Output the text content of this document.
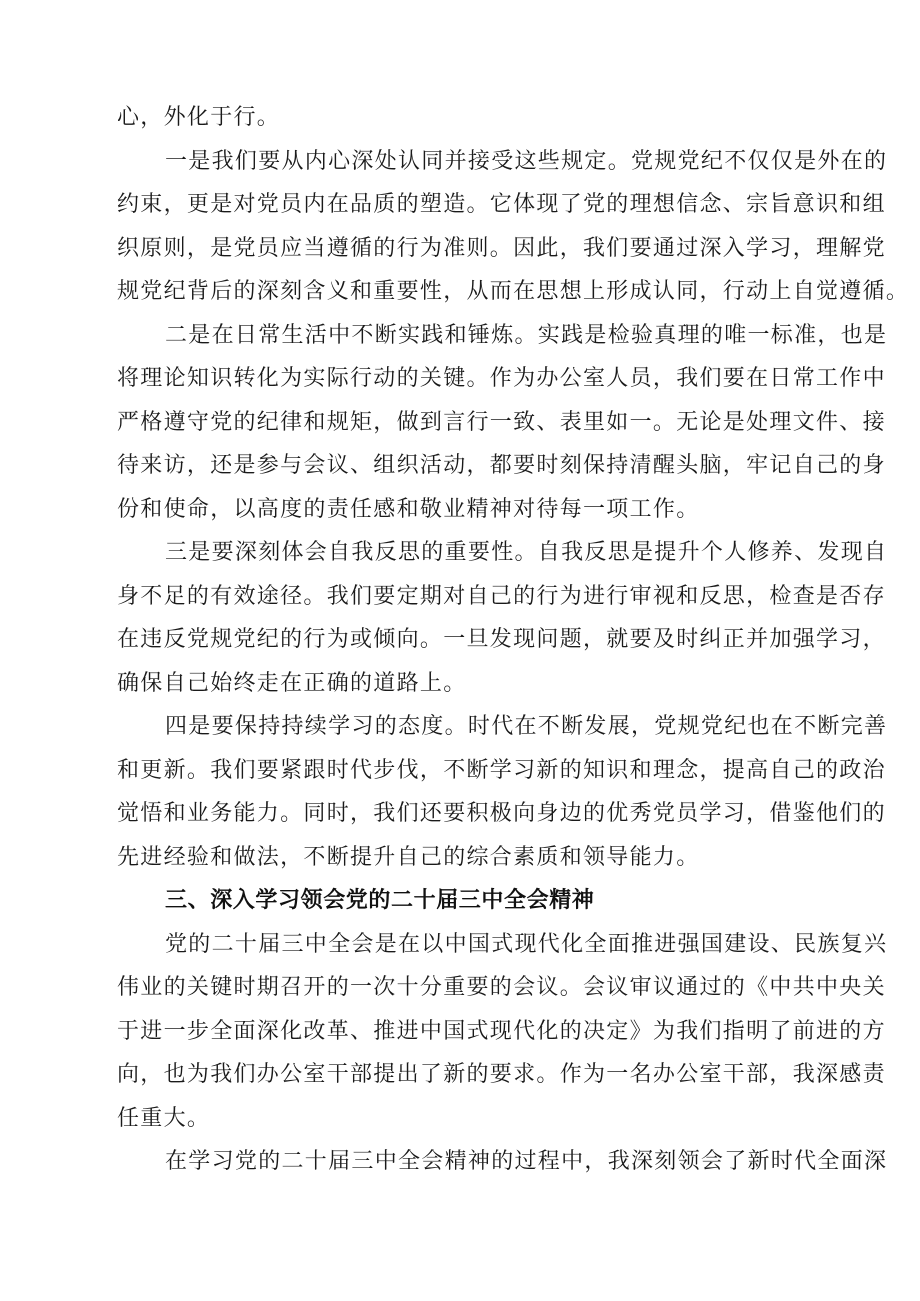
心，外化于行。
一是我们要从内心深处认同并接受这些规定。党规党纪不仅仅是外在的
约束，更是对党员内在品质的塑造。它体现了党的理想信念、宗旨意识和组
织原则，是党员应当遵循的行为准则。因此，我们要通过深入学习，理解党
规党纪背后的深刻含义和重要性，从而在思想上形成认同，行动上自觉遵循。
二是在日常生活中不断实践和锤炼。实践是检验真理的唯一标准，也是
将理论知识转化为实际行动的关键。作为办公室人员，我们要在日常工作中
严格遵守党的纪律和规矩，做到言行一致、表里如一。无论是处理文件、接
待来访，还是参与会议、组织活动，都要时刻保持清醒头脑，牢记自己的身
份和使命，以高度的责任感和敬业精神对待每一项工作。
三是要深刻体会自我反思的重要性。自我反思是提升个人修养、发现自
身不足的有效途径。我们要定期对自己的行为进行审视和反思，检查是否存
在违反党规党纪的行为或倾向。一旦发现问题，就要及时纠正并加强学习，
确保自己始终走在正确的道路上。
四是要保持持续学习的态度。时代在不断发展，党规党纪也在不断完善
和更新。我们要紧跟时代步伐，不断学习新的知识和理念，提高自己的政治
觉悟和业务能力。同时，我们还要积极向身边的优秀党员学习，借鉴他们的
先进经验和做法，不断提升自己的综合素质和领导能力。
三、深入学习领会党的二十届三中全会精神
党的二十届三中全会是在以中国式现代化全面推进强国建设、民族复兴
伟业的关键时期召开的一次十分重要的会议。会议审议通过的《中共中央关
于进一步全面深化改革、推进中国式现代化的决定》为我们指明了前进的方
向，也为我们办公室干部提出了新的要求。作为一名办公室干部，我深感责
任重大。
在学习党的二十届三中全会精神的过程中，我深刻领会了新时代全面深
